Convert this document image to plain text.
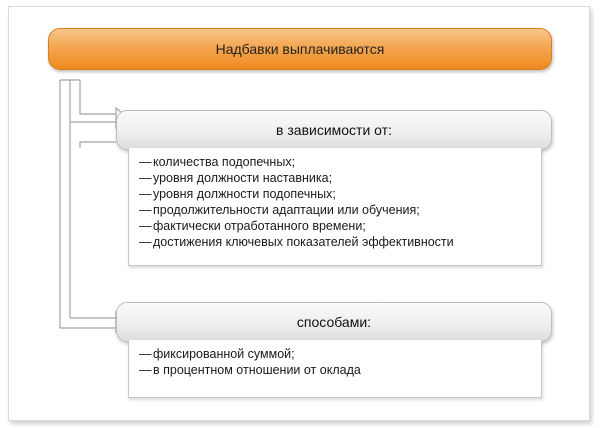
Надбавки выплачиваются
в зависимости от:
— количества подопечных;
— уровня должности наставника;
— уровня должности подопечных;
— продолжительности адаптации или обучения;
— фактически отработанного времени;
— достижения ключевых показателей эффективности
способами:
— фиксированной суммой;
— в процентном отношении от оклада
